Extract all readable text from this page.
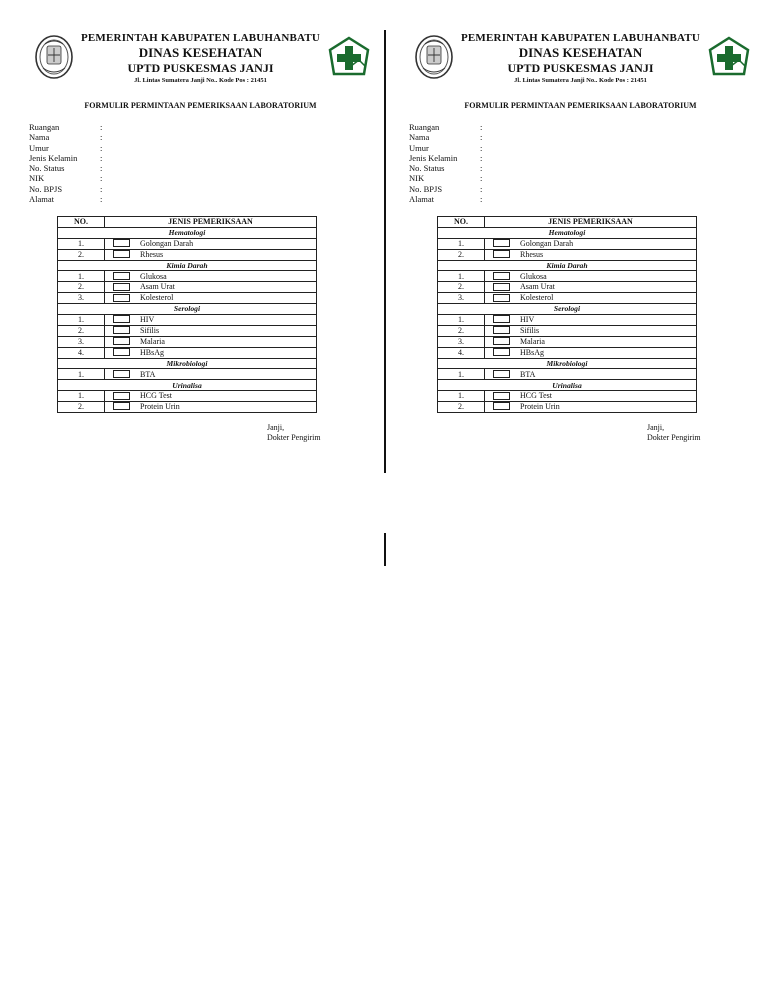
PEMERINTAH KABUPATEN LABUHANBATU
DINAS KESEHATAN
UPTD PUSKESMAS JANJI
Jl. Lintas Sumatera Janji No.. Kode Pos : 21451
FORMULIR PERMINTAAN PEMERIKSAAN LABORATORIUM
Ruangan	:
Nama	:
Umur	:
Jenis Kelamin	:
No. Status	:
NIK	:
No. BPJS	:
Alamat	:
NO.	JENIS PEMERIKSAAN
Hematologi	
1.	Golongan Darah
2.	Rhesus
Kimia Darah	
1.	Glukosa
2.	Asam Urat
3.	Kolesterol
Serologi	
1.	HIV
2.	Sifilis
3.	Malaria
4.	HBsAg
Mikrobiologi	
1.	BTA
Urinalisa	
1.	HCG Test
2.	Protein Urin
Janji,
Dokter Pengirim
PEMERINTAH KABUPATEN LABUHANBATU
DINAS KESEHATAN
UPTD PUSKESMAS JANJI
Jl. Lintas Sumatera Janji No.. Kode Pos : 21451
FORMULIR PERMINTAAN PEMERIKSAAN LABORATORIUM
Ruangan	:
Nama	:
Umur	:
Jenis Kelamin	:
No. Status	:
NIK	:
No. BPJS	:
Alamat	:
NO.	JENIS PEMERIKSAAN
Hematologi	
1.	Golongan Darah
2.	Rhesus
Kimia Darah	
1.	Glukosa
2.	Asam Urat
3.	Kolesterol
Serologi	
1.	HIV
2.	Sifilis
3.	Malaria
4.	HBsAg
Mikrobiologi	
1.	BTA
Urinalisa	
1.	HCG Test
2.	Protein Urin
Janji,
Dokter Pengirim
